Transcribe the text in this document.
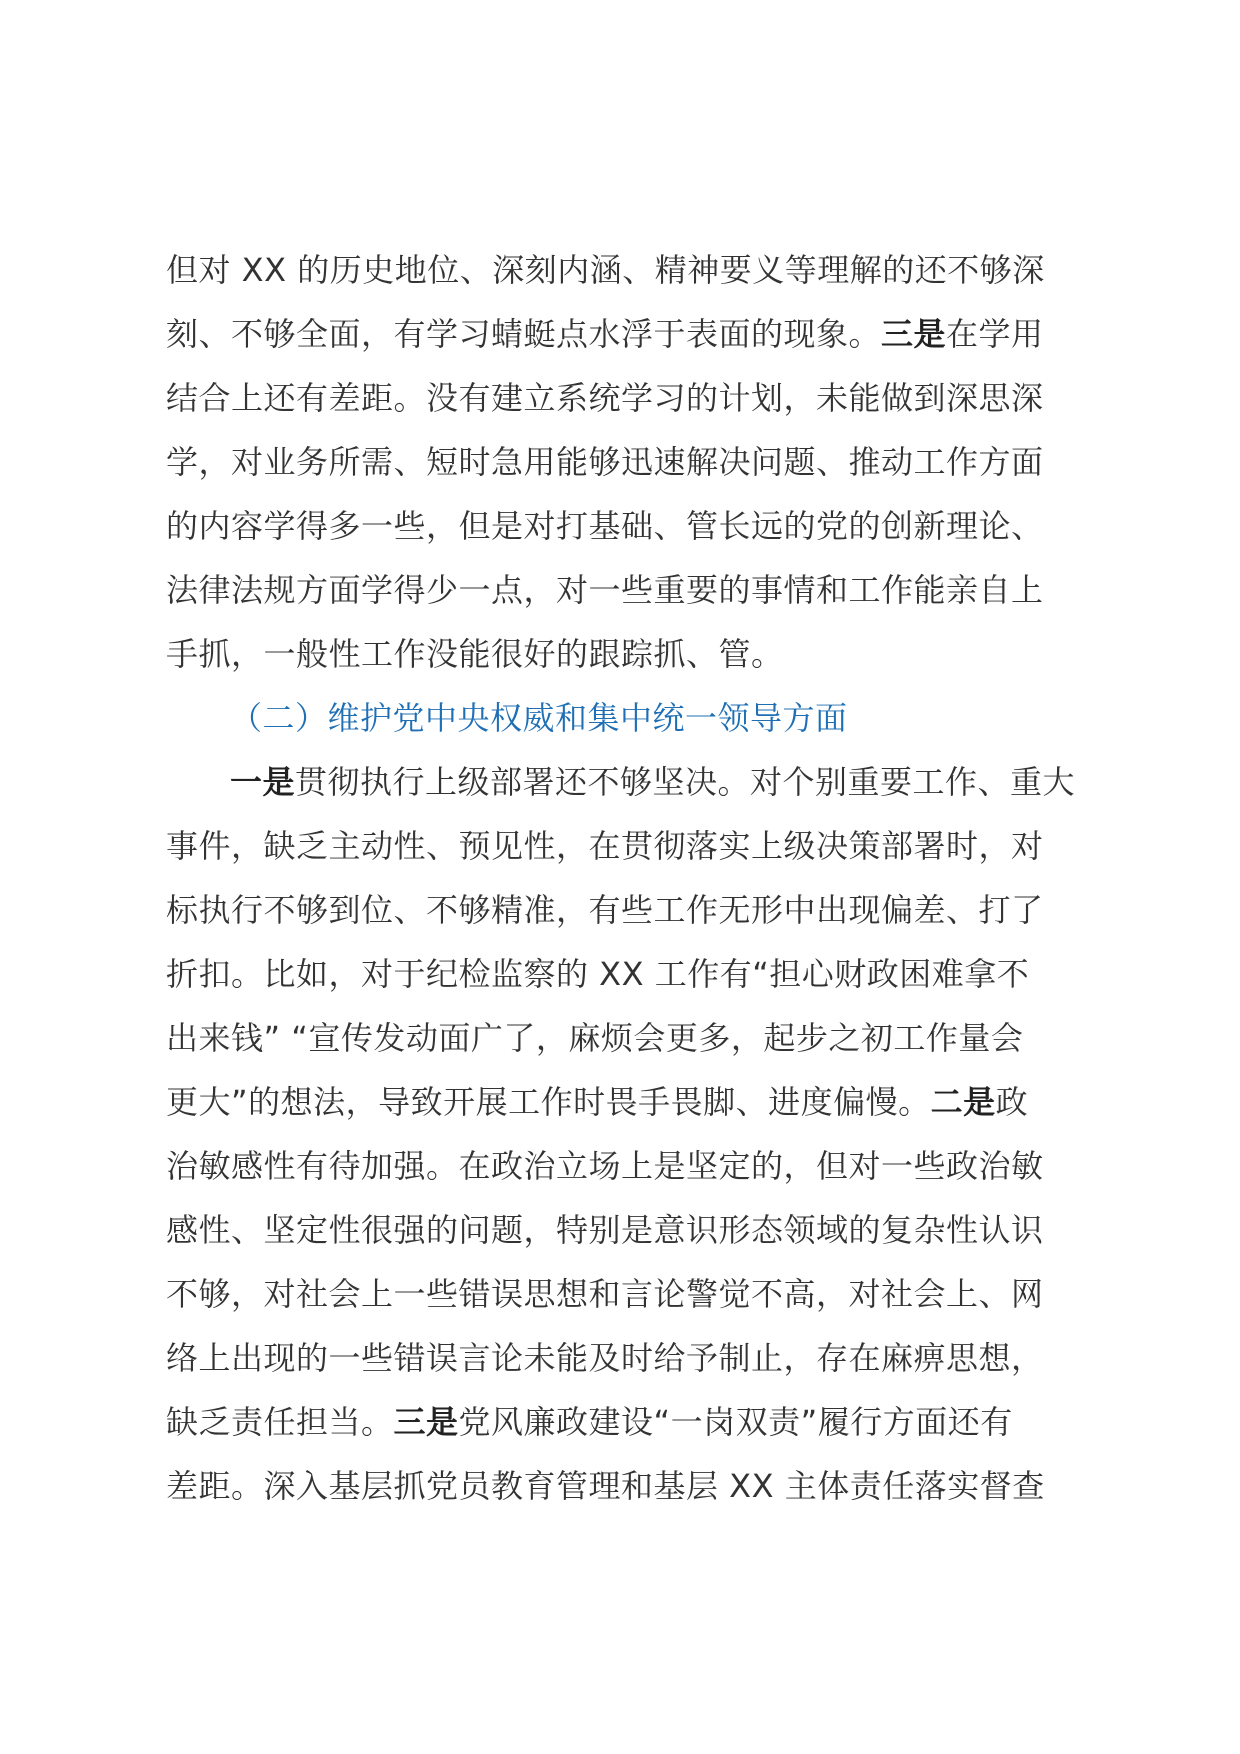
但对 XX 的历史地位、深刻内涵、精神要义等理解的还不够深
刻、不够全面，有学习蜻蜓点水浮于表面的现象。三是在学用
结合上还有差距。没有建立系统学习的计划，未能做到深思深
学，对业务所需、短时急用能够迅速解决问题、推动工作方面
的内容学得多一些，但是对打基础、管长远的党的创新理论、
法律法规方面学得少一点，对一些重要的事情和工作能亲自上
手抓，一般性工作没能很好的跟踪抓、管。
（二）维护党中央权威和集中统一领导方面
一是贯彻执行上级部署还不够坚决。对个别重要工作、重大
事件，缺乏主动性、预见性，在贯彻落实上级决策部署时，对
标执行不够到位、不够精准，有些工作无形中出现偏差、打了
折扣。比如，对于纪检监察的 XX 工作有“担心财政困难拿不
出来钱” “宣传发动面广了，麻烦会更多，起步之初工作量会
更大”的想法，导致开展工作时畏手畏脚、进度偏慢。二是政
治敏感性有待加强。在政治立场上是坚定的，但对一些政治敏
感性、坚定性很强的问题，特别是意识形态领域的复杂性认识
不够，对社会上一些错误思想和言论警觉不高，对社会上、网
络上出现的一些错误言论未能及时给予制止，存在麻痹思想，
缺乏责任担当。三是党风廉政建设“一岗双责”履行方面还有
差距。深入基层抓党员教育管理和基层 XX 主体责任落实督查
